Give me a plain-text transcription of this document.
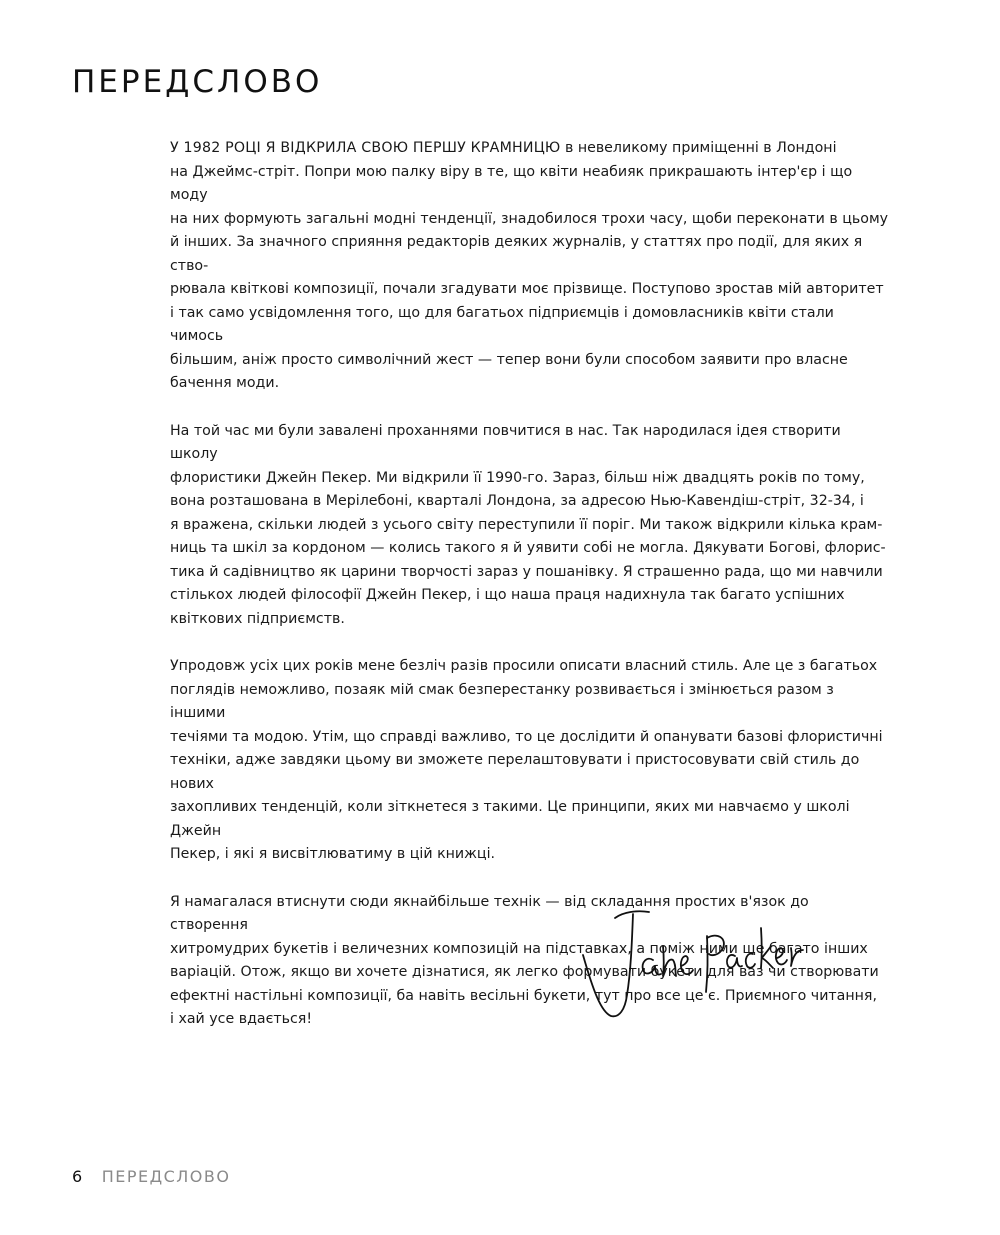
ПЕРЕДСЛОВО

У 1982 РОЦІ Я ВІДКРИЛА СВОЮ ПЕРШУ КРАМНИЦЮ в невеликому приміщенні в Лондоні
на Джеймс-стріт. Попри мою палку віру в те, що квіти неабияк прикрашають інтер'єр і що моду
на них формують загальні модні тенденції, знадобилося трохи часу, щоби переконати в цьому
й інших. За значного сприяння редакторів деяких журналів, у статтях про події, для яких я ство-
рювала квіткові композиції, почали згадувати моє прізвище. Поступово зростав мій авторитет
і так само усвідомлення того, що для багатьох підприємців і домовласників квіти стали чимось
більшим, аніж просто символічний жест — тепер вони були способом заявити про власне
бачення моди.

На той час ми були завалені проханнями повчитися в нас. Так народилася ідея створити школу
флористики Джейн Пекер. Ми відкрили її 1990-го. Зараз, більш ніж двадцять років по тому,
вона розташована в Мерілебоні, кварталі Лондона, за адресою Нью-Кавендіш-стріт, 32-34, і
я вражена, скільки людей з усього світу переступили її поріг. Ми також відкрили кілька крам-
ниць та шкіл за кордоном — колись такого я й уявити собі не могла. Дякувати Богові, флорис-
тика й садівництво як царини творчості зараз у пошанівку. Я страшенно рада, що ми навчили
стількох людей філософії Джейн Пекер, і що наша праця надихнула так багато успішних
квіткових підприємств.

Упродовж усіх цих років мене безліч разів просили описати власний стиль. Але це з багатьох
поглядів неможливо, позаяк мій смак безперестанку розвивається і змінюється разом з іншими
течіями та модою. Утім, що справді важливо, то це дослідити й опанувати базові флористичні
техніки, адже завдяки цьому ви зможете перелаштовувати і пристосовувати свій стиль до нових
захопливих тенденцій, коли зіткнетеся з такими. Це принципи, яких ми навчаємо у школі Джейн
Пекер, і які я висвітлюватиму в цій книжці.

Я намагалася втиснути сюди якнайбільше технік — від складання простих в'язок до створення
хитромудрих букетів і величезних композицій на підставках, а поміж ними ще багато інших
варіацій. Отож, якщо ви хочете дізнатися, як легко формувати букети для ваз чи створювати
ефектні настільні композиції, ба навіть весільні букети, тут про все це є. Приємного читання,
і хай усе вдається!

6 ПЕРЕДСЛОВО
